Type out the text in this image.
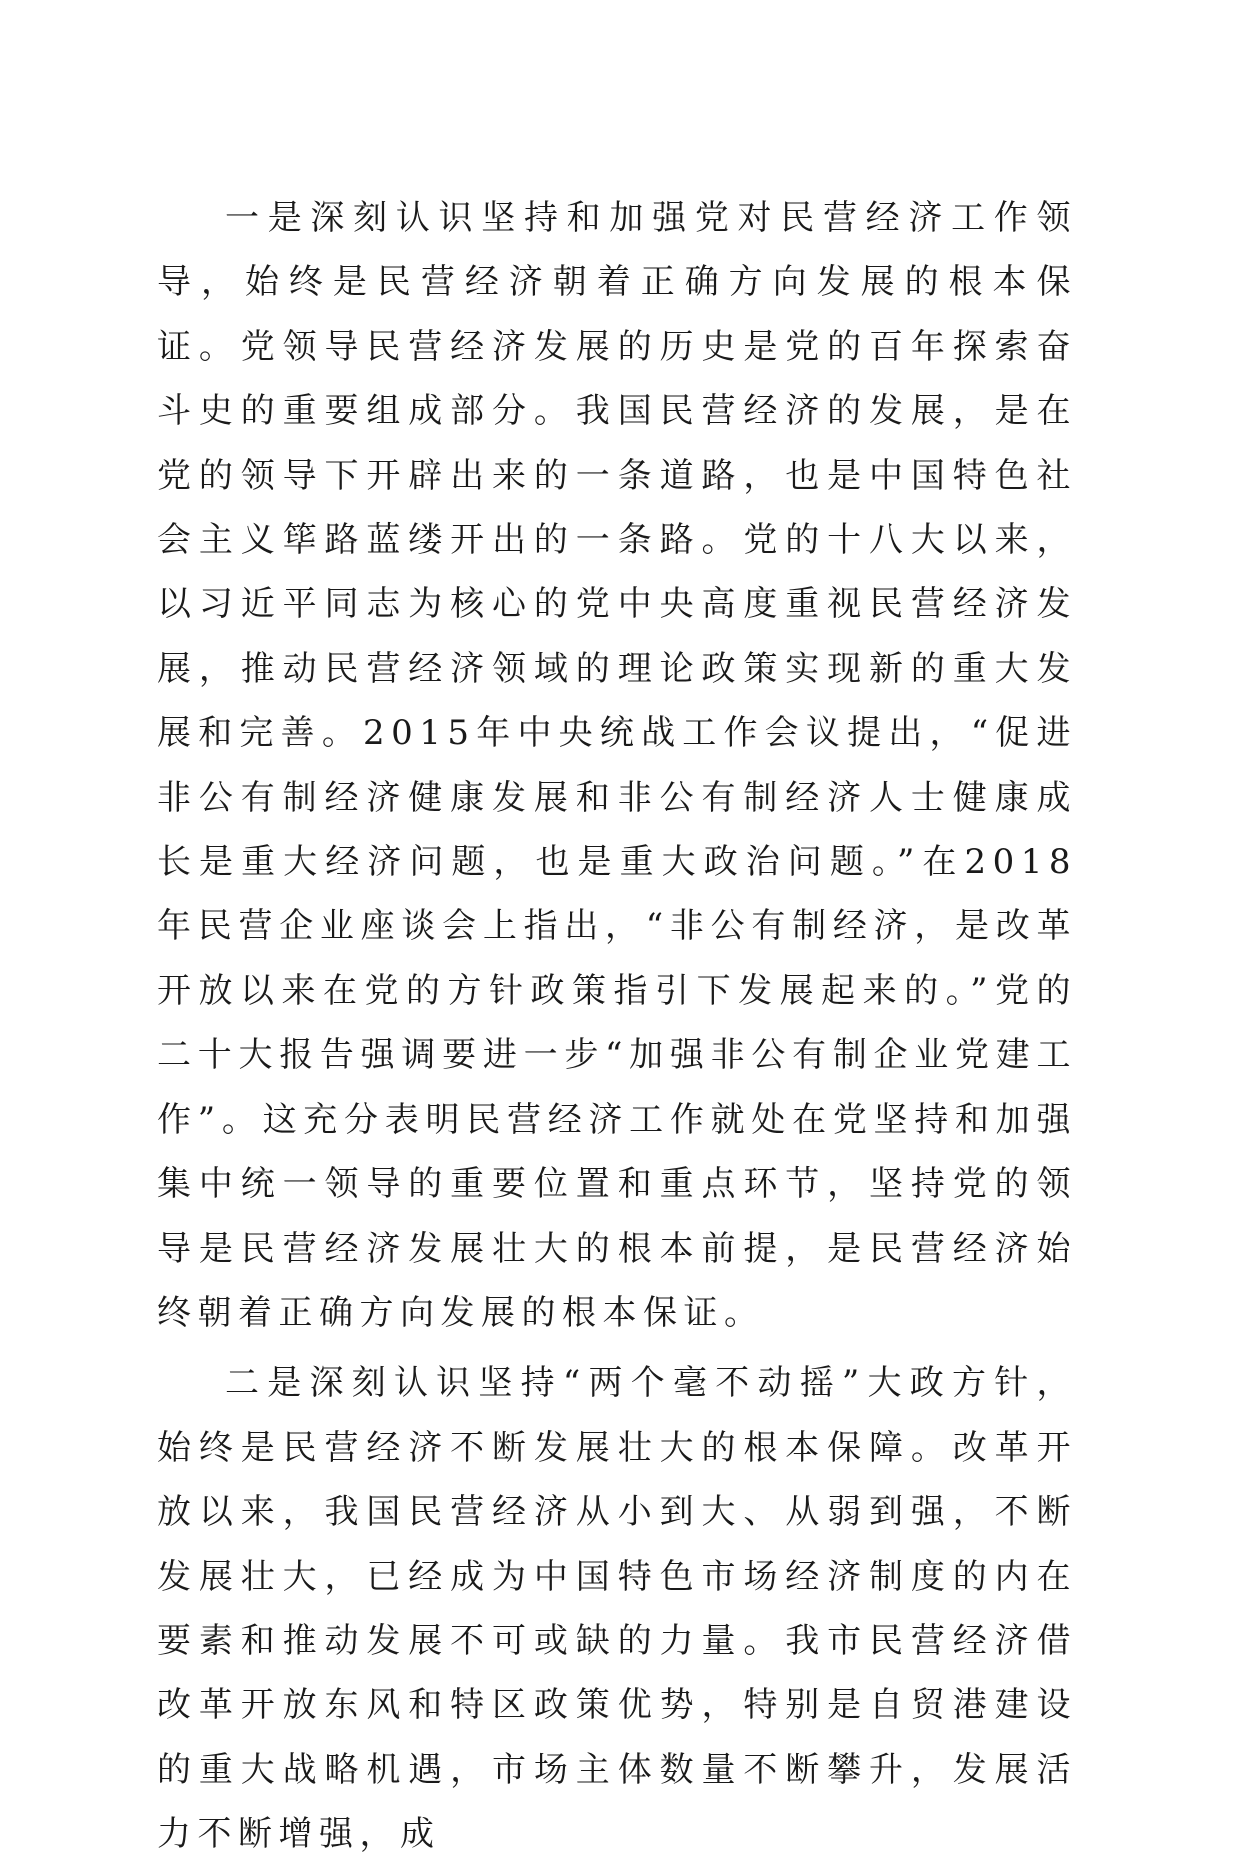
一是深刻认识坚持和加强党对民营经济工作领导，始终是民营经济朝着正确方向发展的根本保证。党领导民营经济发展的历史是党的百年探索奋斗史的重要组成部分。我国民营经济的发展，是在党的领导下开辟出来的一条道路，也是中国特色社会主义筚路蓝缕开出的一条路。党的十八大以来，以习近平同志为核心的党中央高度重视民营经济发展，推动民营经济领域的理论政策实现新的重大发展和完善。2015年中央统战工作会议提出，“促进非公有制经济健康发展和非公有制经济人士健康成长是重大经济问题，也是重大政治问题。”在2018年民营企业座谈会上指出，“非公有制经济，是改革开放以来在党的方针政策指引下发展起来的。”党的二十大报告强调要进一步“加强非公有制企业党建工作”。这充分表明民营经济工作就处在党坚持和加强集中统一领导的重要位置和重点环节，坚持党的领导是民营经济发展壮大的根本前提，是民营经济始终朝着正确方向发展的根本保证。

二是深刻认识坚持“两个毫不动摇”大政方针，始终是民营经济不断发展壮大的根本保障。改革开放以来，我国民营经济从小到大、从弱到强，不断发展壮大，已经成为中国特色市场经济制度的内在要素和推动发展不可或缺的力量。我市民营经济借改革开放东风和特区政策优势，特别是自贸港建设的重大战略机遇，市场主体数量不断攀升，发展活力不断增强，成
